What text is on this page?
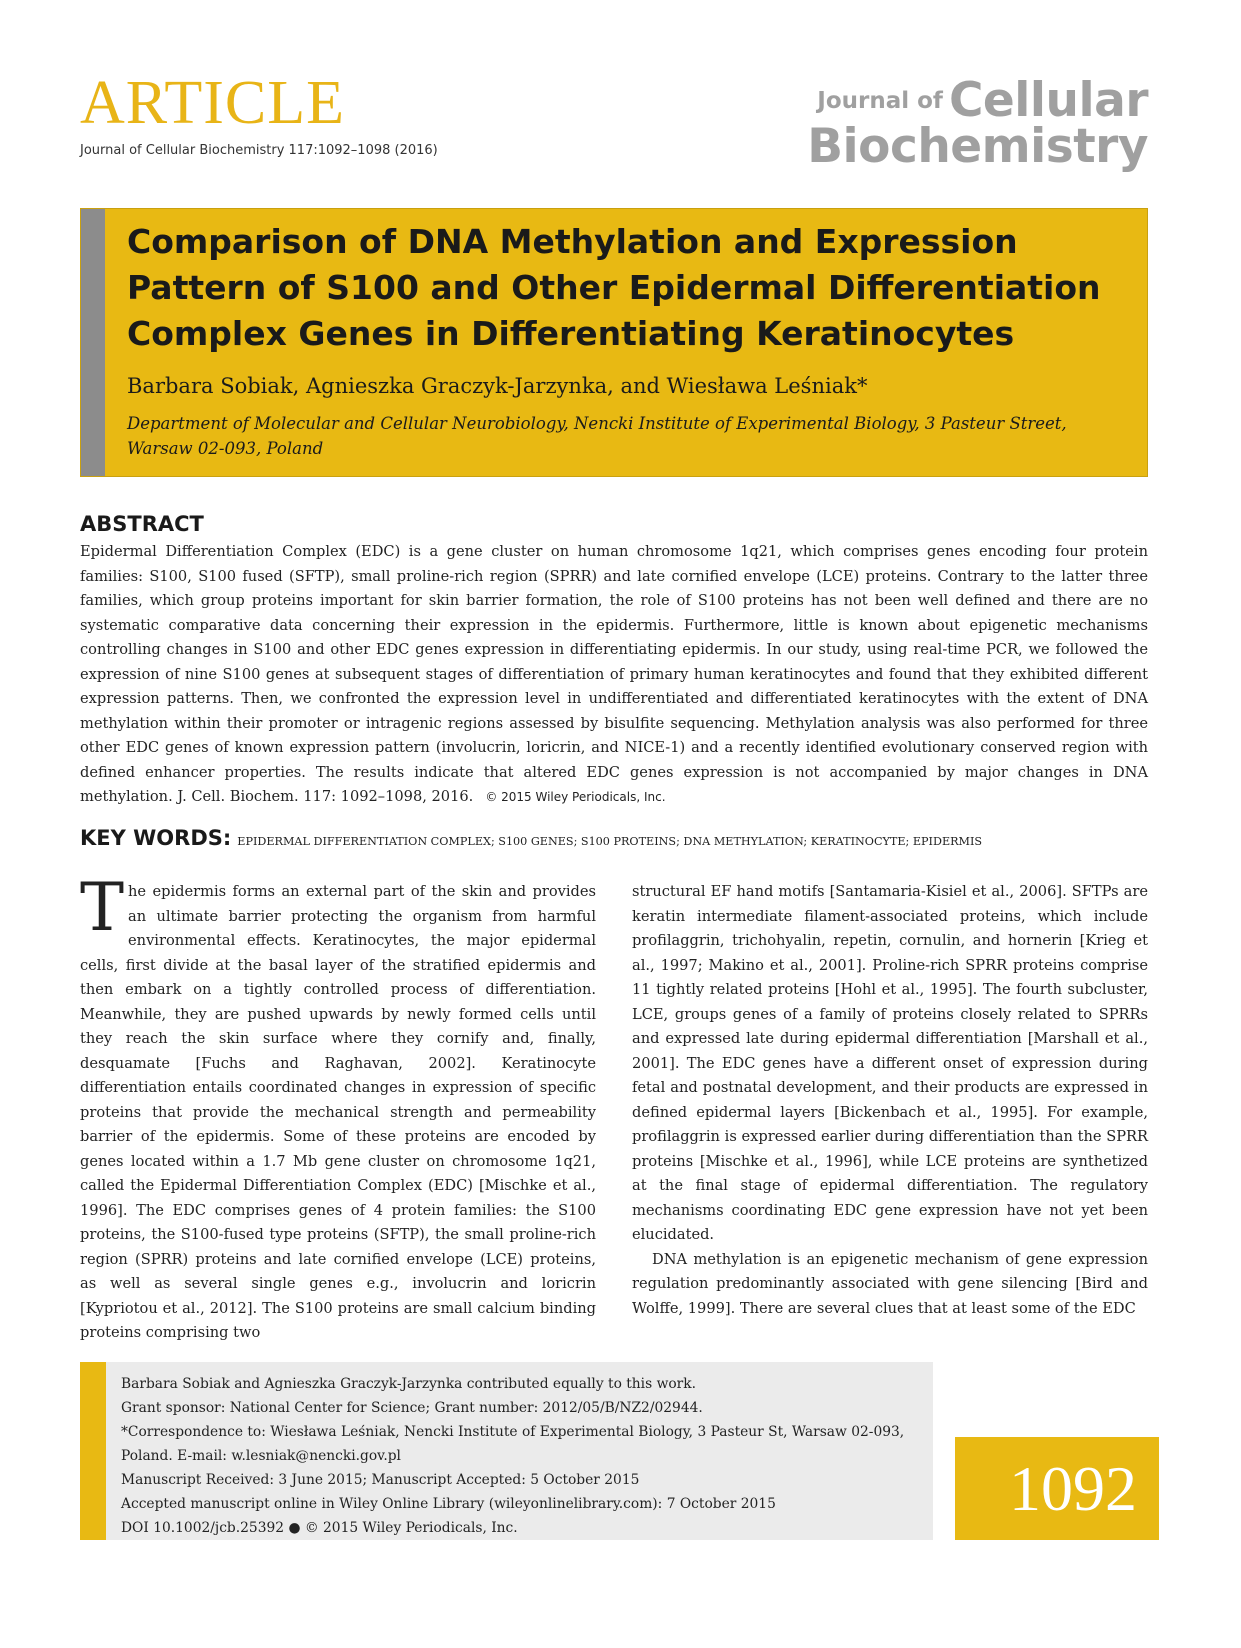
ARTICLE
Journal of Cellular Biochemistry 117:1092–1098 (2016)
Journal of Cellular
Biochemistry
Comparison of DNA Methylation and Expression Pattern of S100 and Other Epidermal Differentiation Complex Genes in Differentiating Keratinocytes
Barbara Sobiak, Agnieszka Graczyk-Jarzynka, and Wiesława Leśniak*
Department of Molecular and Cellular Neurobiology, Nencki Institute of Experimental Biology, 3 Pasteur Street, Warsaw 02-093, Poland
ABSTRACT
Epidermal Differentiation Complex (EDC) is a gene cluster on human chromosome 1q21, which comprises genes encoding four protein families: S100, S100 fused (SFTP), small proline-rich region (SPRR) and late cornified envelope (LCE) proteins. Contrary to the latter three families, which group proteins important for skin barrier formation, the role of S100 proteins has not been well defined and there are no systematic comparative data concerning their expression in the epidermis. Furthermore, little is known about epigenetic mechanisms controlling changes in S100 and other EDC genes expression in differentiating epidermis. In our study, using real-time PCR, we followed the expression of nine S100 genes at subsequent stages of differentiation of primary human keratinocytes and found that they exhibited different expression patterns. Then, we confronted the expression level in undifferentiated and differentiated keratinocytes with the extent of DNA methylation within their promoter or intragenic regions assessed by bisulfite sequencing. Methylation analysis was also performed for three other EDC genes of known expression pattern (involucrin, loricrin, and NICE-1) and a recently identified evolutionary conserved region with defined enhancer properties. The results indicate that altered EDC genes expression is not accompanied by major changes in DNA methylation. J. Cell. Biochem. 117: 1092–1098, 2016. © 2015 Wiley Periodicals, Inc.
KEY WORDS: EPIDERMAL DIFFERENTIATION COMPLEX; S100 GENES; S100 PROTEINS; DNA METHYLATION; KERATINOCYTE; EPIDERMIS

The epidermis forms an external part of the skin and provides an ultimate barrier protecting the organism from harmful environmental effects. Keratinocytes, the major epidermal cells, first divide at the basal layer of the stratified epidermis and then embark on a tightly controlled process of differentiation. Meanwhile, they are pushed upwards by newly formed cells until they reach the skin surface where they cornify and, finally, desquamate [Fuchs and Raghavan, 2002]. Keratinocyte differentiation entails coordinated changes in expression of specific proteins that provide the mechanical strength and permeability barrier of the epidermis. Some of these proteins are encoded by genes located within a 1.7 Mb gene cluster on chromosome 1q21, called the Epidermal Differentiation Complex (EDC) [Mischke et al., 1996]. The EDC comprises genes of 4 protein families: the S100 proteins, the S100-fused type proteins (SFTP), the small proline-rich region (SPRR) proteins and late cornified envelope (LCE) proteins, as well as several single genes e.g., involucrin and loricrin [Kypriotou et al., 2012]. The S100 proteins are small calcium binding proteins comprising two

structural EF hand motifs [Santamaria-Kisiel et al., 2006]. SFTPs are keratin intermediate filament-associated proteins, which include profilaggrin, trichohyalin, repetin, cornulin, and hornerin [Krieg et al., 1997; Makino et al., 2001]. Proline-rich SPRR proteins comprise 11 tightly related proteins [Hohl et al., 1995]. The fourth subcluster, LCE, groups genes of a family of proteins closely related to SPRRs and expressed late during epidermal differentiation [Marshall et al., 2001]. The EDC genes have a different onset of expression during fetal and postnatal development, and their products are expressed in defined epidermal layers [Bickenbach et al., 1995]. For example, profilaggrin is expressed earlier during differentiation than the SPRR proteins [Mischke et al., 1996], while LCE proteins are synthetized at the final stage of epidermal differentiation. The regulatory mechanisms coordinating EDC gene expression have not yet been elucidated.

DNA methylation is an epigenetic mechanism of gene expression regulation predominantly associated with gene silencing [Bird and Wolffe, 1999]. There are several clues that at least some of the EDC

Barbara Sobiak and Agnieszka Graczyk-Jarzynka contributed equally to this work.
Grant sponsor: National Center for Science; Grant number: 2012/05/B/NZ2/02944.
*Correspondence to: Wiesława Leśniak, Nencki Institute of Experimental Biology, 3 Pasteur St, Warsaw 02-093, Poland. E-mail: w.lesniak@nencki.gov.pl
Manuscript Received: 3 June 2015; Manuscript Accepted: 5 October 2015
Accepted manuscript online in Wiley Online Library (wileyonlinelibrary.com): 7 October 2015
DOI 10.1002/jcb.25392 ● © 2015 Wiley Periodicals, Inc.
1092
